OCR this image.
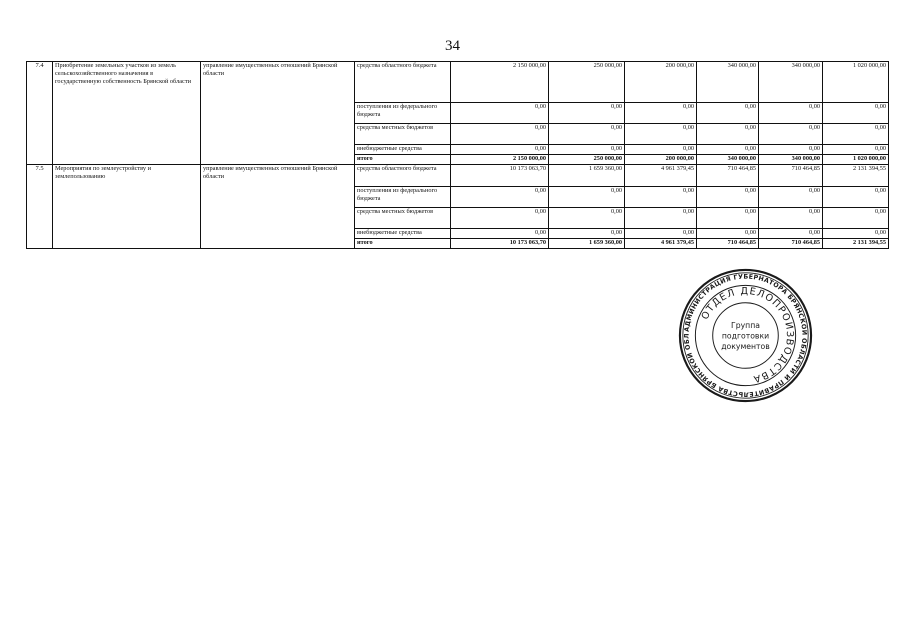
34
7.4	Приобретение земельных участков из земель сельскохозяйственного назначения в государственную собственность Брянской области	управление имущественных отношений Брянской области	средства областного бюджета	2 150 000,00	250 000,00	200 000,00	340 000,00	340 000,00	1 020 000,00
			поступления из федерального бюджета	0,00	0,00	0,00	0,00	0,00	0,00
			средства местных бюджетов	0,00	0,00	0,00	0,00	0,00	0,00
			внебюджетные средства	0,00	0,00	0,00	0,00	0,00	0,00
			итого	2 150 000,00	250 000,00	200 000,00	340 000,00	340 000,00	1 020 000,00
7.5	Мероприятия по землеустройству и землепользованию	управление имущественных отношений Брянской области	средства областного бюджета	10 173 063,70	1 659 360,00	4 961 379,45	710 464,85	710 464,85	2 131 394,55
			поступления из федерального бюджета	0,00	0,00	0,00	0,00	0,00	0,00
			средства местных бюджетов	0,00	0,00	0,00	0,00	0,00	0,00
			внебюджетные средства	0,00	0,00	0,00	0,00	0,00	0,00
			итого	10 173 063,70	1 659 360,00	4 961 379,45	710 464,85	710 464,85	2 131 394,55
АДМИНИСТРАЦИЯ ГУБЕРНАТОРА БРЯНСКОЙ ОБЛАСТИ И ПРАВИТЕЛЬСТВА БРЯНСКОЙ ОБЛ
ОТДЕЛ ДЕЛОПРОИЗВОДСТВА
Группа
подготовки
документов
